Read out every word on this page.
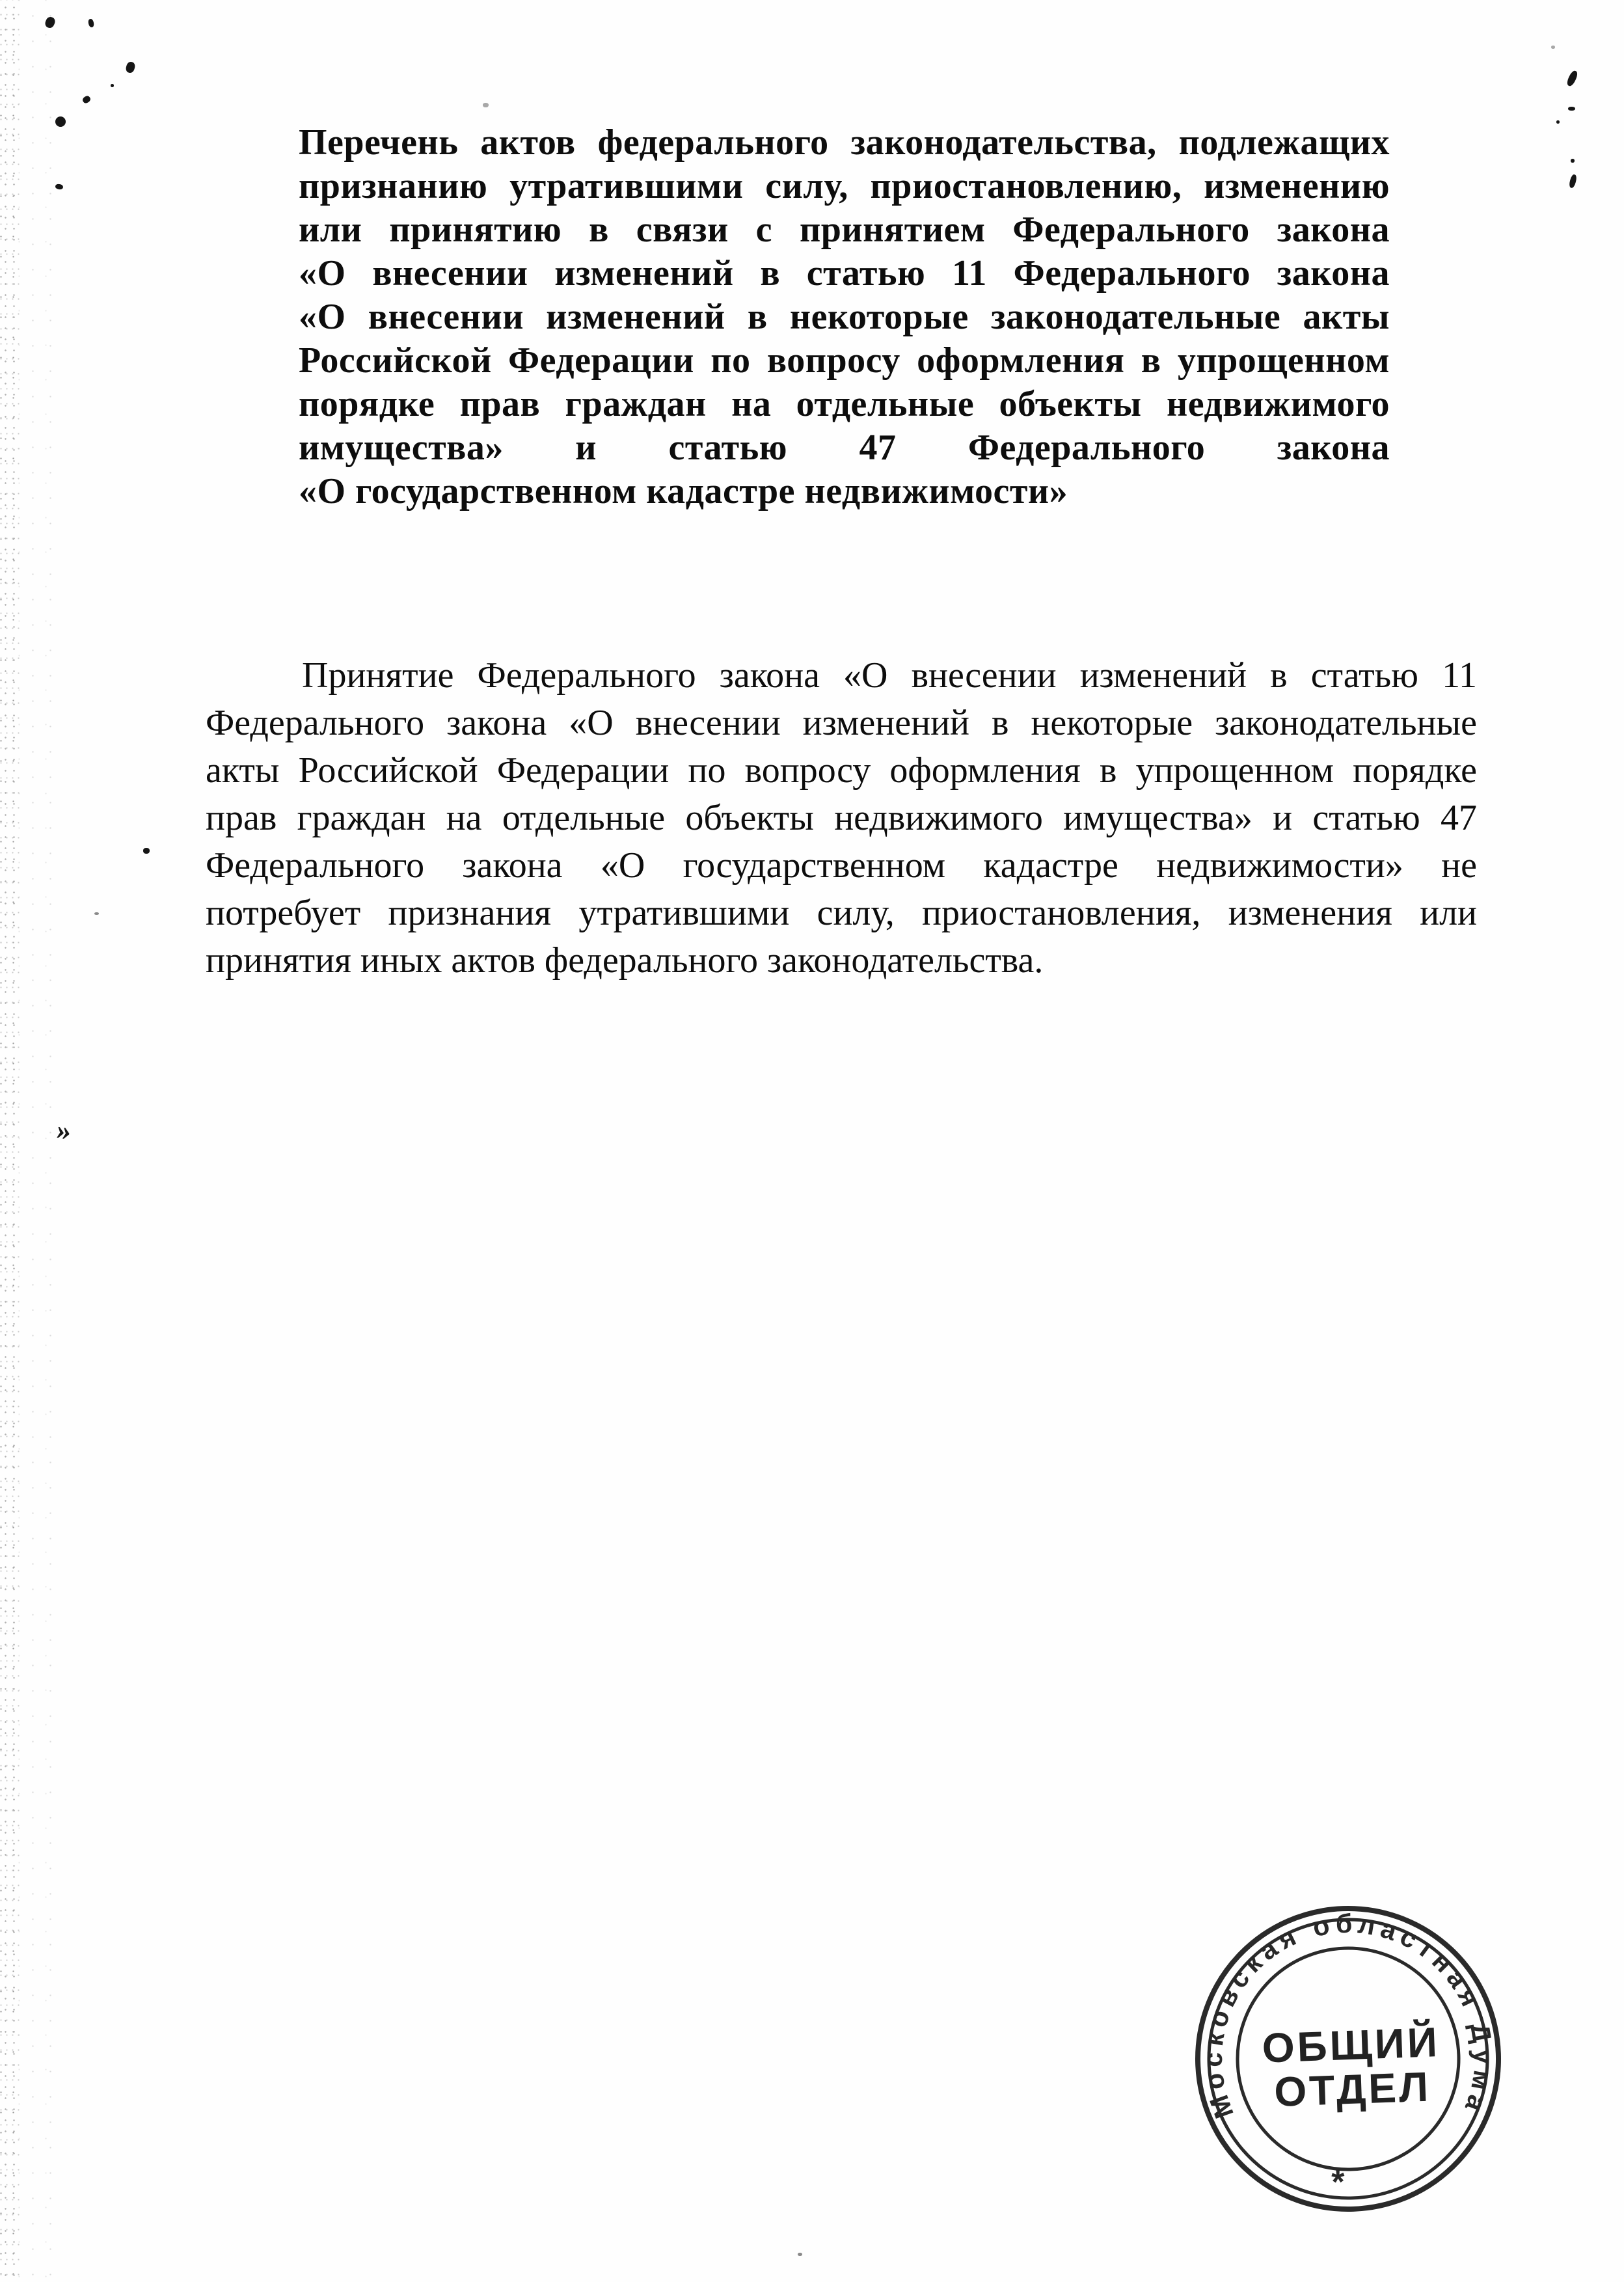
Перечень актов федерального законодательства, подлежащих
признанию утратившими силу, приостановлению, изменению
или принятию в связи с принятием Федерального закона
«О внесении изменений в статью 11 Федерального закона
«О внесении изменений в некоторые законодательные акты
Российской Федерации по вопросу оформления в упрощенном
порядке прав граждан на отдельные объекты недвижимого
имущества» и статью 47 Федерального закона
«О государственном кадастре недвижимости»
Принятие Федерального закона «О внесении изменений в статью 11
Федерального закона «О внесении изменений в некоторые законодательные
акты Российской Федерации по вопросу оформления в упрощенном порядке
прав граждан на отдельные объекты недвижимого имущества» и статью 47
Федерального закона «О государственном кадастре недвижимости» не
потребует признания утратившими силу, приостановления, изменения или
принятия иных актов федерального законодательства.
Московская областная Дума
ОБЩИЙ
ОТДЕЛ
*
»
